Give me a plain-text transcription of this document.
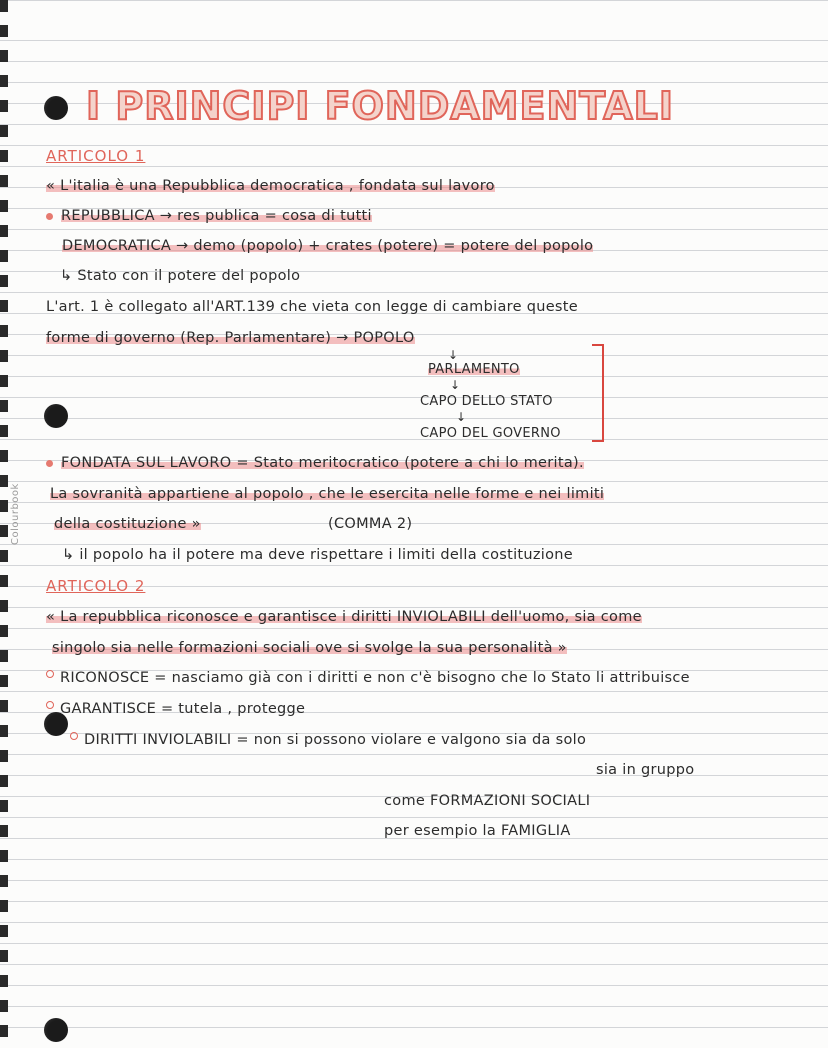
Colourbook
I PRINCIPI FONDAMENTALI
ARTICOLO 1
« L'italia è una Repubblica democratica , fondata sul lavoro
REPUBBLICA → res publica = cosa di tutti
DEMOCRATICA → demo (popolo) + crates (potere) = potere del popolo
↳ Stato con il potere del popolo
L'art. 1 è collegato all'ART.139 che vieta con legge di cambiare queste
forme di governo (Rep. Parlamentare) → POPOLO
↓
PARLAMENTO
↓
CAPO DELLO STATO
↓
CAPO DEL GOVERNO
FONDATA SUL LAVORO = Stato meritocratico (potere a chi lo merita).
La sovranità appartiene al popolo , che le esercita nelle forme e nei limiti
della costituzione »	(COMMA 2)
↳ il popolo ha il potere ma deve rispettare i limiti della costituzione
ARTICOLO 2
« La repubblica riconosce e garantisce i diritti INVIOLABILI dell'uomo, sia come
singolo sia nelle formazioni sociali ove si svolge la sua personalità »
RICONOSCE = nasciamo già con i diritti e non c'è bisogno che lo Stato li attribuisce
GARANTISCE = tutela , protegge
DIRITTI INVIOLABILI = non si possono violare e valgono sia da solo
sia in gruppo
come FORMAZIONI SOCIALI
per esempio la FAMIGLIA
